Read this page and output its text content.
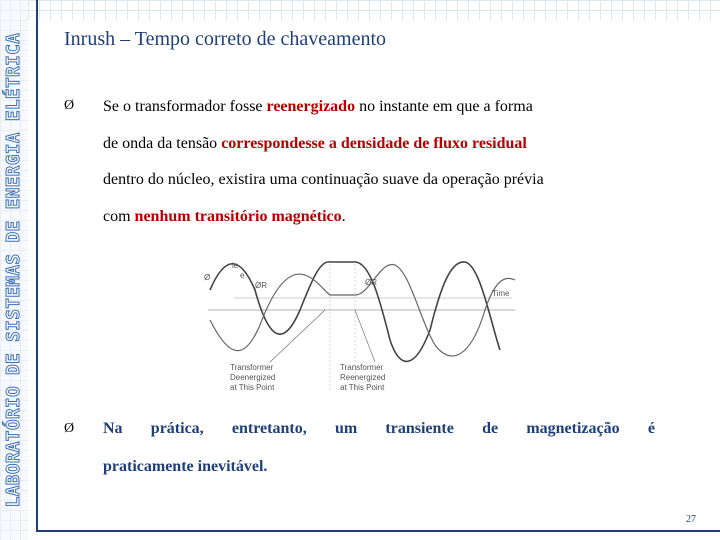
LABORATÓRIO DE SISTEMAS DE ENERGIA ELÉTRICA Inrush – Tempo correto de chaveamento
Ø Se o transformador fosse reenergizado no instante em que a forma
de onda da tensão correspondesse a densidade de fluxo residual
dentro do núcleo, existira uma continuação suave da operação prévia
com nenhum transitório magnético.
ie
Ø	e
ØR	ØR
Time
Transformer
Deenergized
at This Point
Transformer
Reenergized
at This Point
Ø Na prática, entretanto, um transiente de magnetização é
praticamente inevitável.
27
